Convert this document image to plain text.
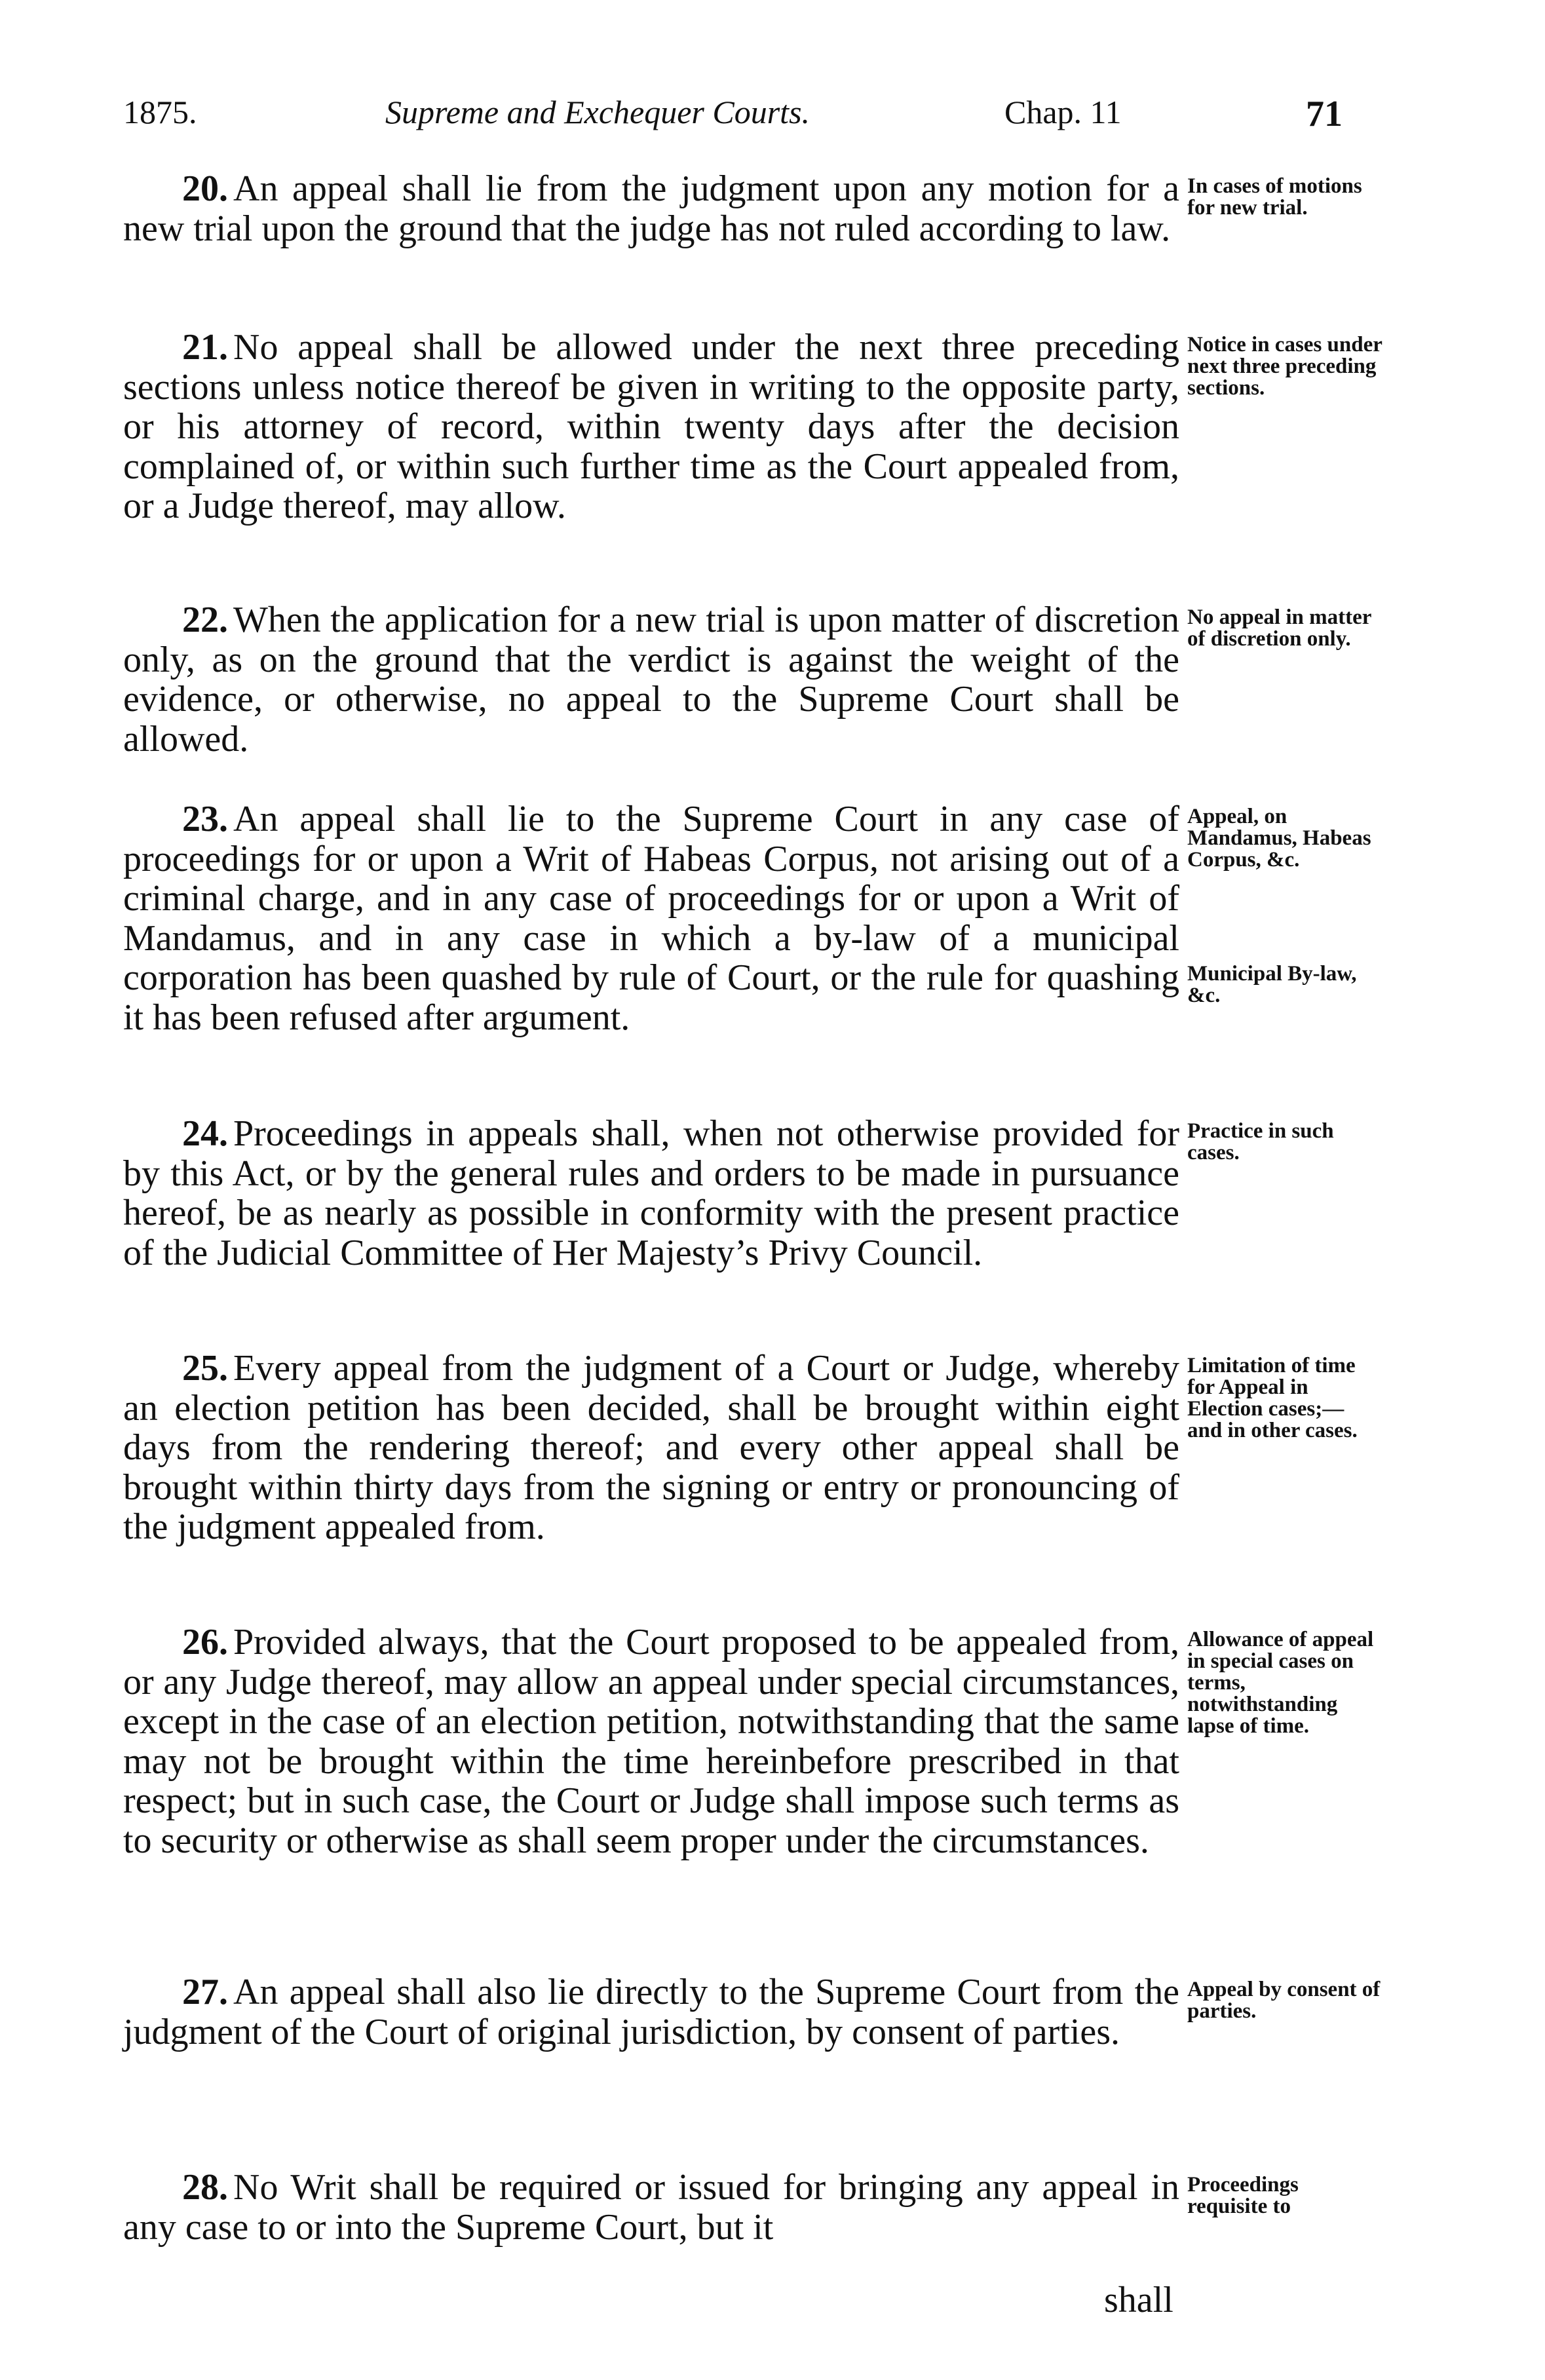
1875.	Supreme and Exchequer Courts.	Chap. 11	71
20. An appeal shall lie from the judgment upon any motion for a new trial upon the ground that the judge has not ruled according to law.
In cases of motions for new trial.
21. No appeal shall be allowed under the next three preceding sections unless notice thereof be given in writing to the opposite party, or his attorney of record, within twenty days after the decision complained of, or within such further time as the Court appealed from, or a Judge thereof, may allow.
Notice in cases under next three preceding sections.
22. When the application for a new trial is upon matter of discretion only, as on the ground that the verdict is against the weight of the evidence, or otherwise, no appeal to the Supreme Court shall be allowed.
No appeal in matter of discretion only.
23. An appeal shall lie to the Supreme Court in any case of proceedings for or upon a Writ of Habeas Corpus, not arising out of a criminal charge, and in any case of proceedings for or upon a Writ of Mandamus, and in any case in which a by-law of a municipal corporation has been quashed by rule of Court, or the rule for quashing it has been refused after argument.
Appeal, on Mandamus, Habeas Corpus, &c.
Municipal By-law, &c.
24. Proceedings in appeals shall, when not otherwise provided for by this Act, or by the general rules and orders to be made in pursuance hereof, be as nearly as possible in conformity with the present practice of the Judicial Committee of Her Majesty’s Privy Council.
Practice in such cases.
25. Every appeal from the judgment of a Court or Judge, whereby an election petition has been decided, shall be brought within eight days from the rendering thereof; and every other appeal shall be brought within thirty days from the signing or entry or pronouncing of the judgment appealed from.
Limitation of time for Appeal in Election cases;— and in other cases.
26. Provided always, that the Court proposed to be appealed from, or any Judge thereof, may allow an appeal under special circumstances, except in the case of an election petition, notwithstanding that the same may not be brought within the time hereinbefore prescribed in that respect; but in such case, the Court or Judge shall impose such terms as to security or otherwise as shall seem proper under the circumstances.
Allowance of appeal in special cases on terms, notwithstanding lapse of time.
27. An appeal shall also lie directly to the Supreme Court from the judgment of the Court of original jurisdiction, by consent of parties.
Appeal by consent of parties.
28. No Writ shall be required or issued for bringing any appeal in any case to or into the Supreme Court, but it
Proceedings requisite to
shall
